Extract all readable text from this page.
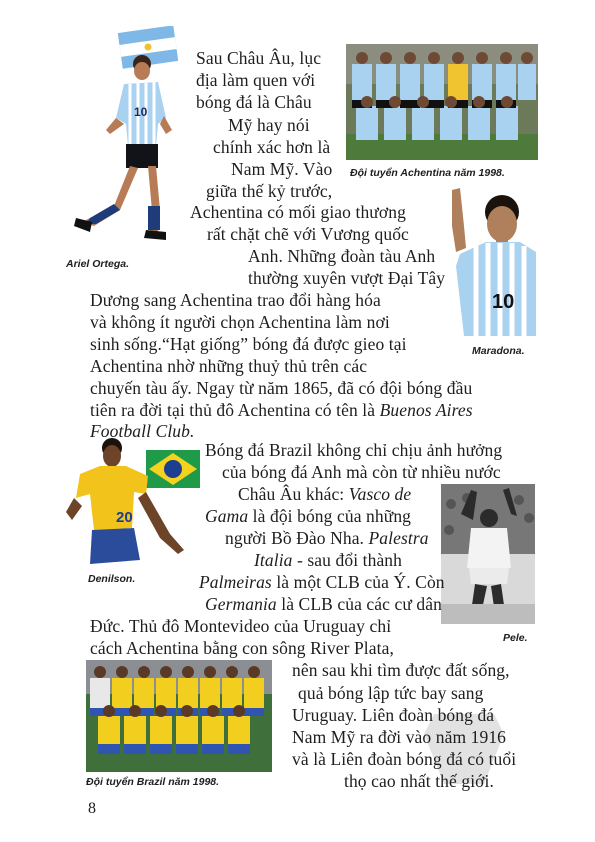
10
Ariel Ortega.
Đội tuyển Achentina năm 1998.
10
Maradona.
20
Denilson.
Pele.
Đội tuyển Brazil năm 1998.
Sau Châu Âu, lục
địa làm quen với
bóng đá là Châu
Mỹ hay nói
chính xác hơn là
Nam Mỹ. Vào
giữa thế kỷ trước,
Achentina có mối giao thương
rất chặt chẽ với Vương quốc
Anh. Những đoàn tàu Anh
thường xuyên vượt Đại Tây
Dương sang Achentina trao đổi hàng hóa
và không ít người chọn Achentina làm nơi
sinh sống.“Hạt giống” bóng đá được gieo tại
Achentina nhờ những thuỷ thủ trên các
chuyến tàu ấy. Ngay từ năm 1865, đã có đội bóng đầu
tiên ra đời tại thủ đô Achentina có tên là Buenos Aires
Football Club.
Bóng đá Brazil không chỉ chịu ảnh hưởng
của bóng đá Anh mà còn từ nhiều nước
Châu Âu khác: Vasco de
Gama là đội bóng của những
người Bồ Đào Nha. Palestra
Italia - sau đổi thành
Palmeiras là một CLB của Ý. Còn
Germania là CLB của các cư dân
Đức. Thủ đô Montevideo của Uruguay chỉ
cách Achentina bằng con sông River Plata,
nên sau khi tìm được đất sống,
quả bóng lập tức bay sang
Uruguay. Liên đoàn bóng đá
Nam Mỹ ra đời vào năm 1916
và là Liên đoàn bóng đá có tuổi
thọ cao nhất thế giới.
8
